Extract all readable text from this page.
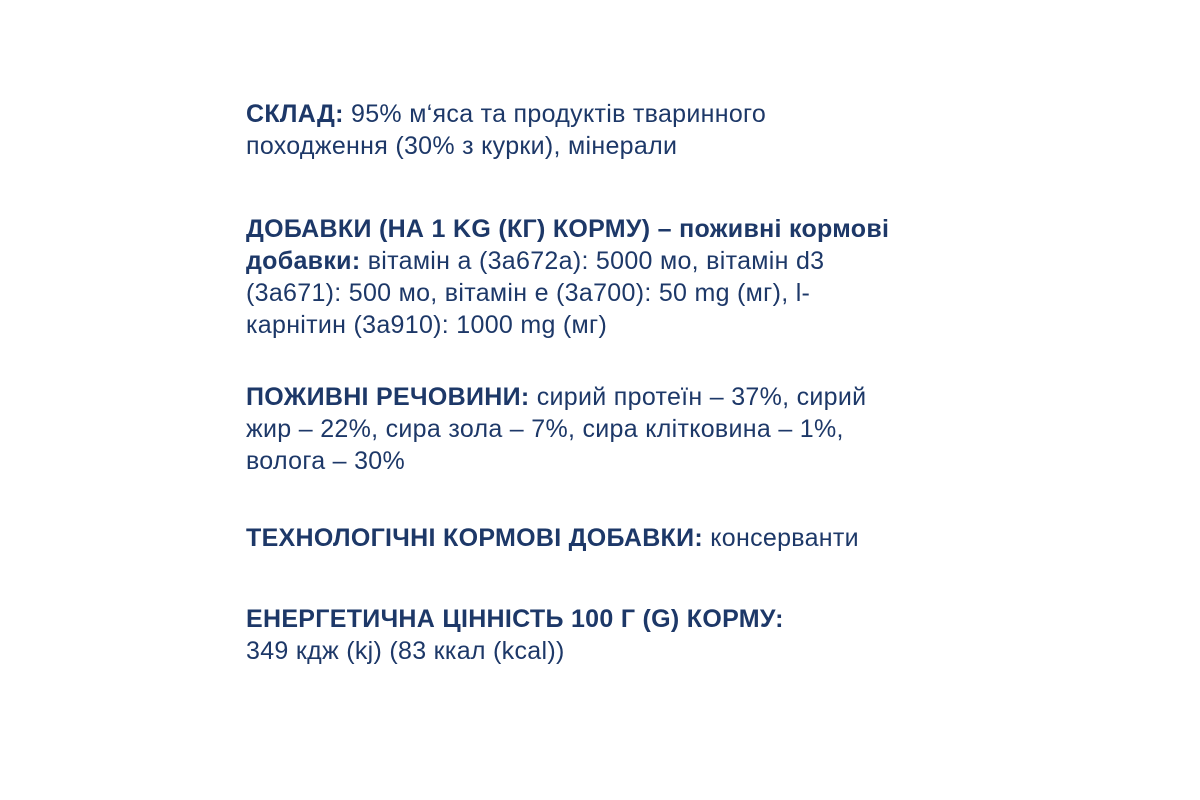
СКЛАД: 95% м‘яса та продуктів тваринного
походження (30% з курки), мінерали
ДОБАВКИ (НА 1 KG (КГ) КОРМУ) – поживні кормові
добавки: вітамін а (3а672а): 5000 мо, вітамін d3
(3а671): 500 мо, вітамін е (3а700): 50 mg (мг), l-
карнітин (3а910): 1000 mg (мг)
ПОЖИВНІ РЕЧОВИНИ: сирий протеїн – 37%, сирий
жир – 22%, сира зола – 7%, сира клітковина – 1%,
волога – 30%
ТЕХНОЛОГІЧНІ КОРМОВІ ДОБАВКИ: консерванти
ЕНЕРГЕТИЧНА ЦІННІСТЬ 100 Г (G) КОРМУ:
349 кдж (kj) (83 ккал (kcal))
